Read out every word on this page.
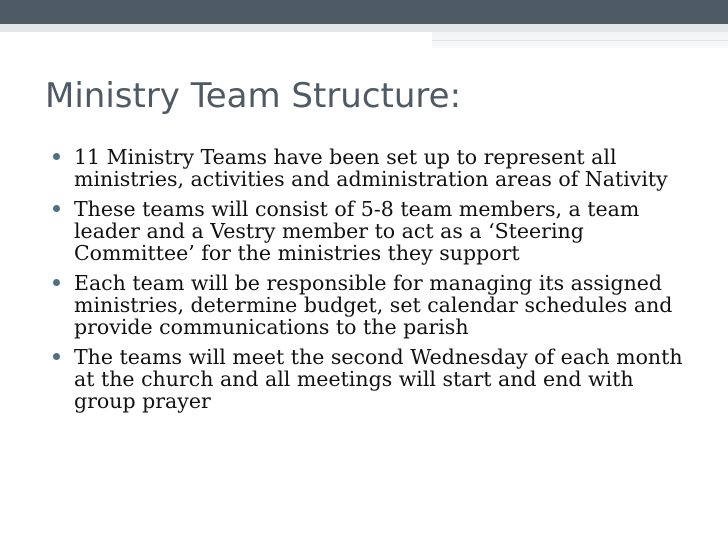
Ministry Team Structure:
11 Ministry Teams have been set up to represent all ministries, activities and administration areas of Nativity
These teams will consist of 5-8 team members, a team leader and a Vestry member to act as a ‘Steering Committee’ for the ministries they support
Each team will be responsible for managing its assigned ministries, determine budget, set calendar schedules and provide communications to the parish
The teams will meet the second Wednesday of each month at the church and all meetings will start and end with group prayer
